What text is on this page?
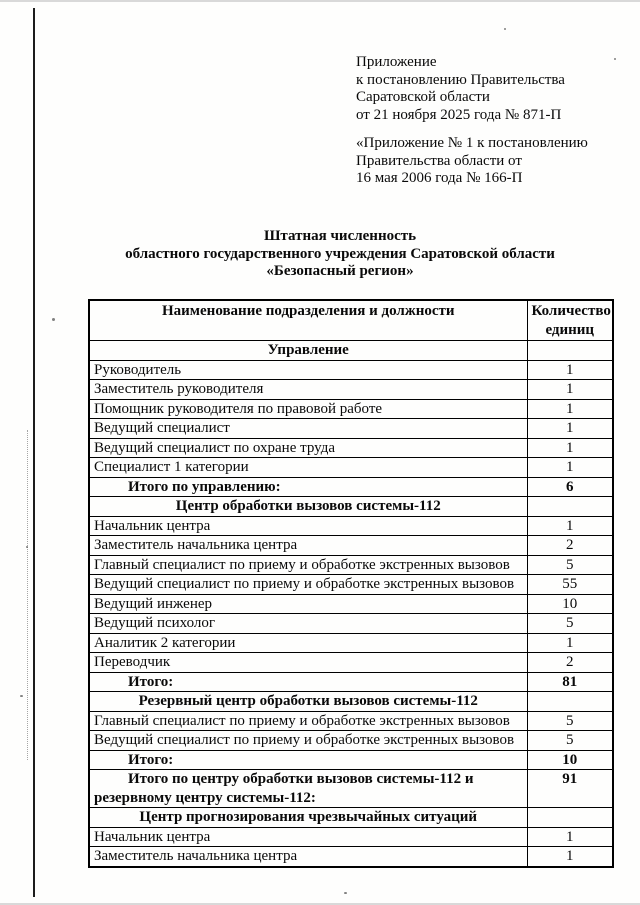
Приложение
к постановлению Правительства
Саратовской области
от 21 ноября 2025 года № 871-П
«Приложение № 1 к постановлению
Правительства области от
16 мая 2006 года № 166-П
Штатная численность
областного государственного учреждения Саратовской области
«Безопасный регион»
Наименование подразделения и должности	Количество единиц
Управление	
Руководитель	1
Заместитель руководителя	1
Помощник руководителя по правовой работе	1
Ведущий специалист	1
Ведущий специалист по охране труда	1
Специалист 1 категории	1
Итого по управлению:	6
Центр обработки вызовов системы-112	
Начальник центра	1
Заместитель начальника центра	2
Главный специалист по приему и обработке экстренных вызовов	5
Ведущий специалист по приему и обработке экстренных вызовов	55
Ведущий инженер	10
Ведущий психолог	5
Аналитик 2 категории	1
Переводчик	2
Итого:	81
Резервный центр обработки вызовов системы-112	
Главный специалист по приему и обработке экстренных вызовов	5
Ведущий специалист по приему и обработке экстренных вызовов	5
Итого:	10
Итого по центру обработки вызовов системы-112 и резервному центру системы-112:	91
Центр прогнозирования чрезвычайных ситуаций	
Начальник центра	1
Заместитель начальника центра	1
